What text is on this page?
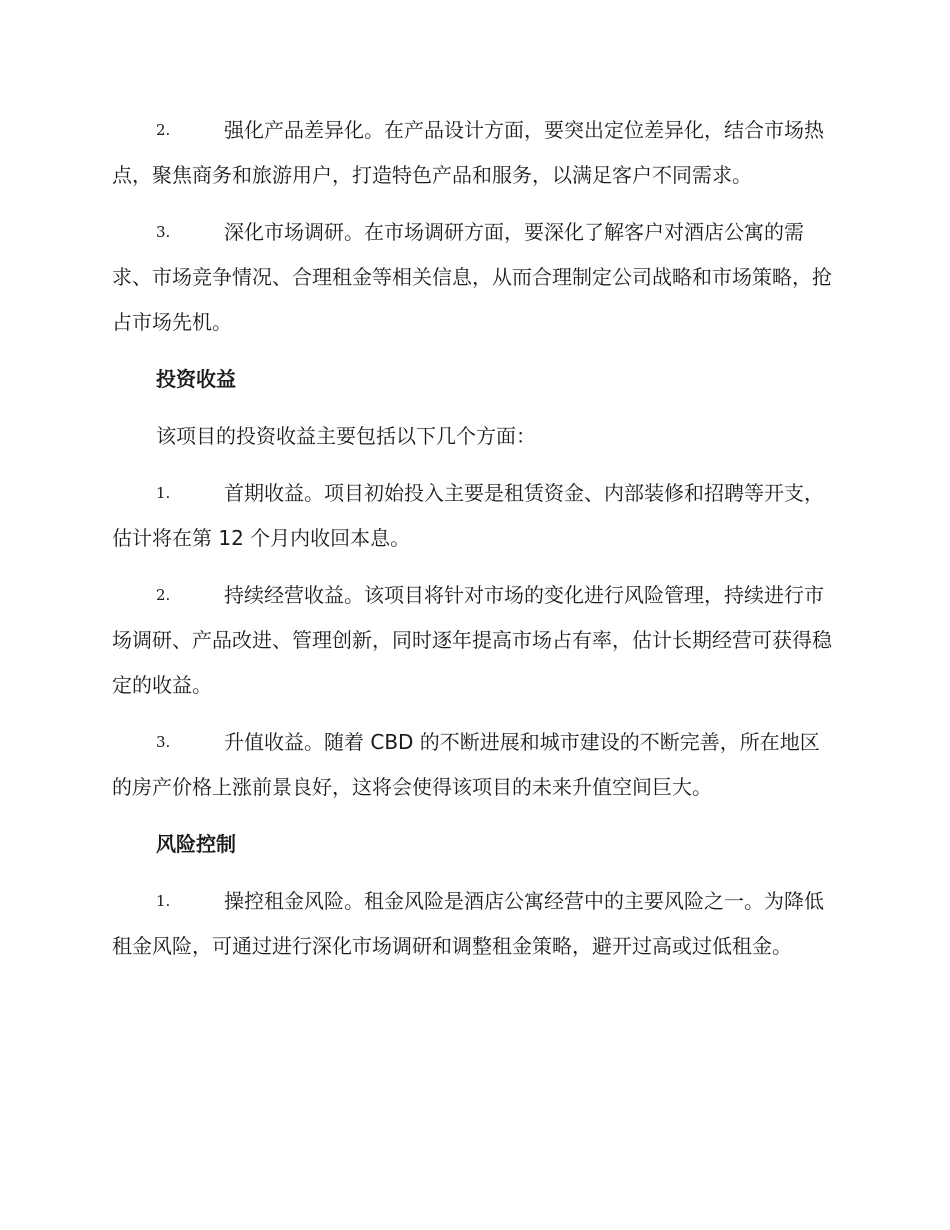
2.	强化产品差异化。在产品设计方面，要突出定位差异化，结合市场热点，聚焦商务和旅游用户，打造特色产品和服务，以满足客户不同需求。
3.	深化市场调研。在市场调研方面，要深化了解客户对酒店公寓的需求、市场竞争情况、合理租金等相关信息，从而合理制定公司战略和市场策略，抢占市场先机。
投资收益
该项目的投资收益主要包括以下几个方面：
1.	首期收益。项目初始投入主要是租赁资金、内部装修和招聘等开支，估计将在第 12 个月内收回本息。
2.	持续经营收益。该项目将针对市场的变化进行风险管理，持续进行市场调研、产品改进、管理创新，同时逐年提高市场占有率，估计长期经营可获得稳定的收益。
3.	升值收益。随着 CBD 的不断进展和城市建设的不断完善，所在地区的房产价格上涨前景良好，这将会使得该项目的未来升值空间巨大。
风险控制
1.	操控租金风险。租金风险是酒店公寓经营中的主要风险之一。为降低租金风险，可通过进行深化市场调研和调整租金策略，避开过高或过低租金。
